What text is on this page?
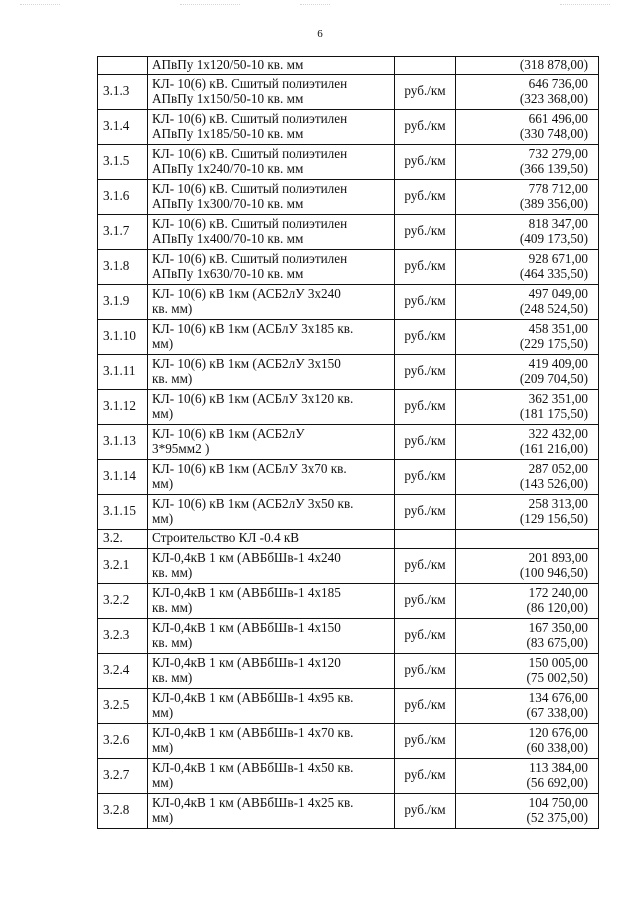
6
	АПвПу 1х120/50-10 кв. мм		(318 878,00)
3.1.3	КЛ- 10(6) кВ. Сшитый полиэтилен
АПвПу 1х150/50-10 кв. мм	руб./км	646 736,00
(323 368,00)

3.1.4	КЛ- 10(6) кВ. Сшитый полиэтилен
АПвПу 1х185/50-10 кв. мм	руб./км	661 496,00
(330 748,00)

3.1.5	КЛ- 10(6) кВ. Сшитый полиэтилен
АПвПу 1х240/70-10 кв. мм	руб./км	732 279,00
(366 139,50)

3.1.6	КЛ- 10(6) кВ. Сшитый полиэтилен
АПвПу 1х300/70-10 кв. мм	руб./км	778 712,00
(389 356,00)

3.1.7	КЛ- 10(6) кВ. Сшитый полиэтилен
АПвПу 1х400/70-10 кв. мм	руб./км	818 347,00
(409 173,50)

3.1.8	КЛ- 10(6) кВ. Сшитый полиэтилен
АПвПу 1х630/70-10 кв. мм	руб./км	928 671,00
(464 335,50)

3.1.9	КЛ- 10(6) кВ 1км (АСБ2лУ 3х240
кв. мм)	руб./км	497 049,00
(248 524,50)

3.1.10	КЛ- 10(6) кВ 1км (АСБлУ 3х185 кв.
мм)	руб./км	458 351,00
(229 175,50)

3.1.11	КЛ- 10(6) кВ 1км (АСБ2лУ 3х150
кв. мм)	руб./км	419 409,00
(209 704,50)

3.1.12	КЛ- 10(6) кВ 1км (АСБлУ 3х120 кв.
мм)	руб./км	362 351,00
(181 175,50)

3.1.13	КЛ- 10(6) кВ 1км (АСБ2лУ
3*95мм2 )	руб./км	322 432,00
(161 216,00)

3.1.14	КЛ- 10(6) кВ 1км (АСБлУ 3х70 кв.
мм)	руб./км	287 052,00
(143 526,00)

3.1.15	КЛ- 10(6) кВ 1км (АСБ2лУ 3х50 кв.
мм)	руб./км	258 313,00
(129 156,50)

3.2.	Строительство КЛ -0.4 кВ		

3.2.1	КЛ-0,4кВ 1 км (АВБбШв-1 4х240
кв. мм)	руб./км	201 893,00
(100 946,50)

3.2.2	КЛ-0,4кВ 1 км (АВБбШв-1 4х185
кв. мм)	руб./км	172 240,00
(86 120,00)

3.2.3	КЛ-0,4кВ 1 км (АВБбШв-1 4х150
кв. мм)	руб./км	167 350,00
(83 675,00)

3.2.4	КЛ-0,4кВ 1 км (АВБбШв-1 4х120
кв. мм)	руб./км	150 005,00
(75 002,50)

3.2.5	КЛ-0,4кВ 1 км (АВБбШв-1 4х95 кв.
мм)	руб./км	134 676,00
(67 338,00)

3.2.6	КЛ-0,4кВ 1 км (АВБбШв-1 4х70 кв.
мм)	руб./км	120 676,00
(60 338,00)

3.2.7	КЛ-0,4кВ 1 км (АВБбШв-1 4х50 кв.
мм)	руб./км	113 384,00
(56 692,00)

3.2.8	КЛ-0,4кВ 1 км (АВБбШв-1 4х25 кв.
мм)	руб./км	104 750,00
(52 375,00)
